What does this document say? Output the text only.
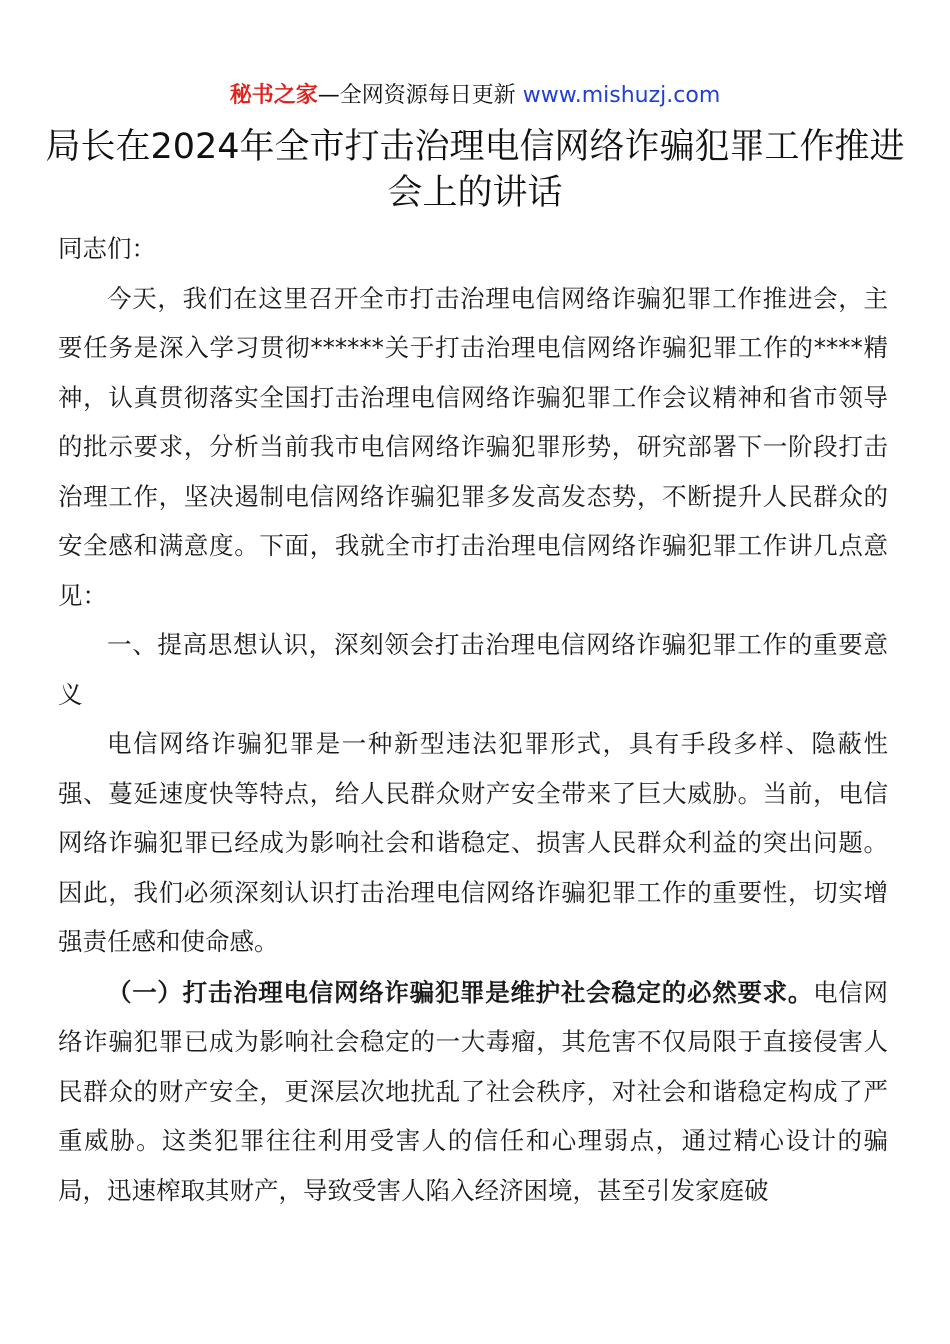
秘书之家—全网资源每日更新 www.mishuzj.com
局长在2024年全市打击治理电信网络诈骗犯罪工作推进会上的讲话

同志们：

今天，我们在这里召开全市打击治理电信网络诈骗犯罪工作推进会，主要任务是深入学习贯彻******关于打击治理电信网络诈骗犯罪工作的****精神，认真贯彻落实全国打击治理电信网络诈骗犯罪工作会议精神和省市领导的批示要求，分析当前我市电信网络诈骗犯罪形势，研究部署下一阶段打击治理工作，坚决遏制电信网络诈骗犯罪多发高发态势，不断提升人民群众的安全感和满意度。下面，我就全市打击治理电信网络诈骗犯罪工作讲几点意见：

一、提高思想认识，深刻领会打击治理电信网络诈骗犯罪工作的重要意义

电信网络诈骗犯罪是一种新型违法犯罪形式，具有手段多样、隐蔽性强、蔓延速度快等特点，给人民群众财产安全带来了巨大威胁。当前，电信网络诈骗犯罪已经成为影响社会和谐稳定、损害人民群众利益的突出问题。因此，我们必须深刻认识打击治理电信网络诈骗犯罪工作的重要性，切实增强责任感和使命感。

（一）打击治理电信网络诈骗犯罪是维护社会稳定的必然要求。电信网络诈骗犯罪已成为影响社会稳定的一大毒瘤，其危害不仅局限于直接侵害人民群众的财产安全，更深层次地扰乱了社会秩序，对社会和谐稳定构成了严重威胁。这类犯罪往往利用受害人的信任和心理弱点，通过精心设计的骗局，迅速榨取其财产，导致受害人陷入经济困境，甚至引发家庭破
